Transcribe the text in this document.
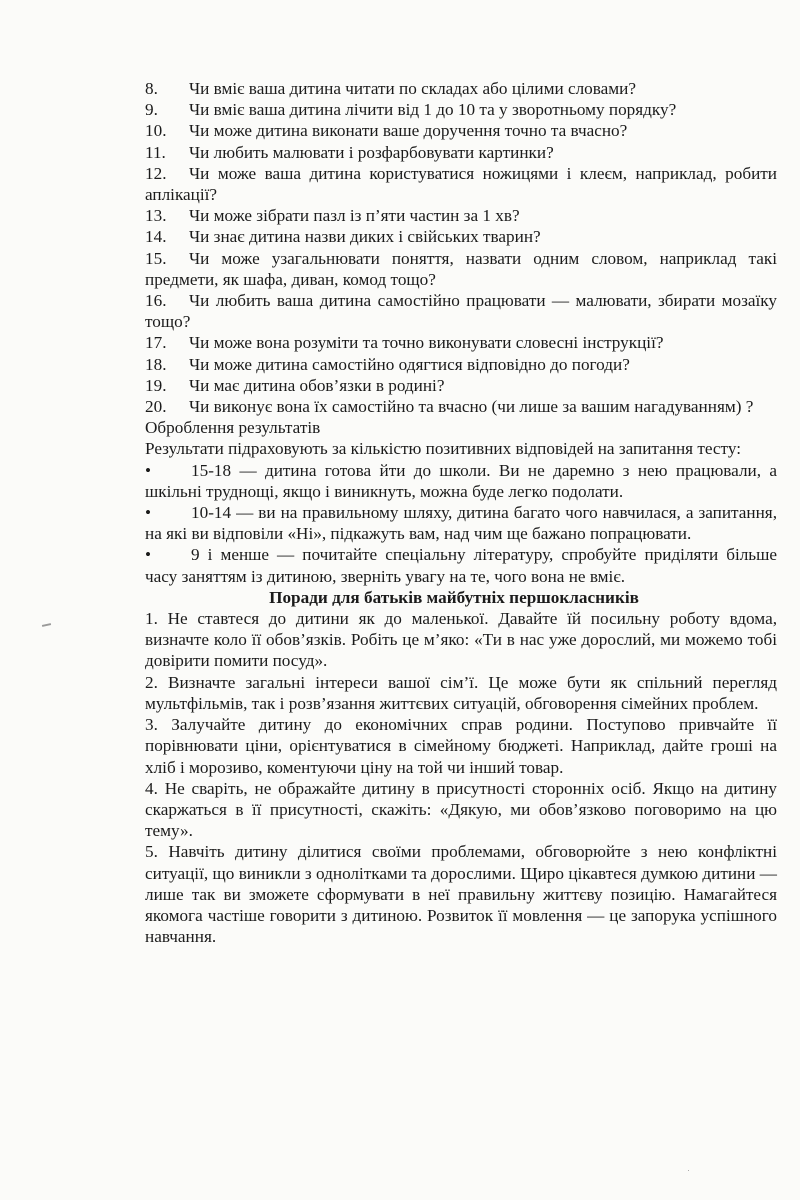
8. Чи вміє ваша дитина читати по складах або цілими словами?
9. Чи вміє ваша дитина лічити від 1 до 10 та у зворотньому порядку?
10. Чи може дитина виконати ваше доручення точно та вчасно?
11. Чи любить малювати і розфарбовувати картинки?
12. Чи може ваша дитина користуватися ножицями і клеєм, наприклад, робити аплікації?
13. Чи може зібрати пазл із п’яти частин за 1 хв?
14. Чи знає дитина назви диких і свійських тварин?
15. Чи може узагальнювати поняття, назвати одним словом, наприклад такі предмети, як шафа, диван, комод тощо?
16. Чи любить ваша дитина самостійно працювати — малювати, збирати мозаїку тощо?
17. Чи може вона розуміти та точно виконувати словесні інструкції?
18. Чи може дитина самостійно одягтися відповідно до погоди?
19. Чи має дитина обов’язки в родині?
20. Чи виконує вона їх самостійно та вчасно (чи лише за вашим нагадуванням) ?
Оброблення результатів
Результати підраховують за кількістю позитивних відповідей на запитання тесту:
• 15-18 — дитина готова йти до школи. Ви не даремно з нею працювали, а шкільні труднощі, якщо і виникнуть, можна буде легко подолати.
• 10-14 — ви на правильному шляху, дитина багато чого навчилася, а запитання, на які ви відповіли «Ні», підкажуть вам, над чим ще бажано попрацювати.
• 9 і менше — почитайте спеціальну літературу, спробуйте приділяти більше часу заняттям із дитиною, зверніть увагу на те, чого вона не вміє.
Поради для батьків майбутніх першокласників
1. Не ставтеся до дитини як до маленької. Давайте їй посильну роботу вдома, визначте коло її обов’язків. Робіть це м’яко: «Ти в нас уже дорослий, ми можемо тобі довірити помити посуд».
2. Визначте загальні інтереси вашої сім’ї. Це може бути як спільний перегляд мультфільмів, так і розв’язання життєвих ситуацій, обговорення сімейних проблем.
3. Залучайте дитину до економічних справ родини. Поступово привчайте її порівнювати ціни, орієнтуватися в сімейному бюджеті. Наприклад, дайте гроші на хліб і морозиво, коментуючи ціну на той чи інший товар.
4. Не сваріть, не ображайте дитину в присутності сторонніх осіб. Якщо на дитину скаржаться в її присутності, скажіть: «Дякую, ми обов’язково поговоримо на цю тему».
5. Навчіть дитину ділитися своїми проблемами, обговорюйте з нею конфліктні ситуації, що виникли з однолітками та дорослими. Щиро цікавтеся думкою дитини — лише так ви зможете сформувати в неї правильну життєву позицію. Намагайтеся якомога частіше говорити з дитиною. Розвиток її мовлення — це запорука успішного навчання.
